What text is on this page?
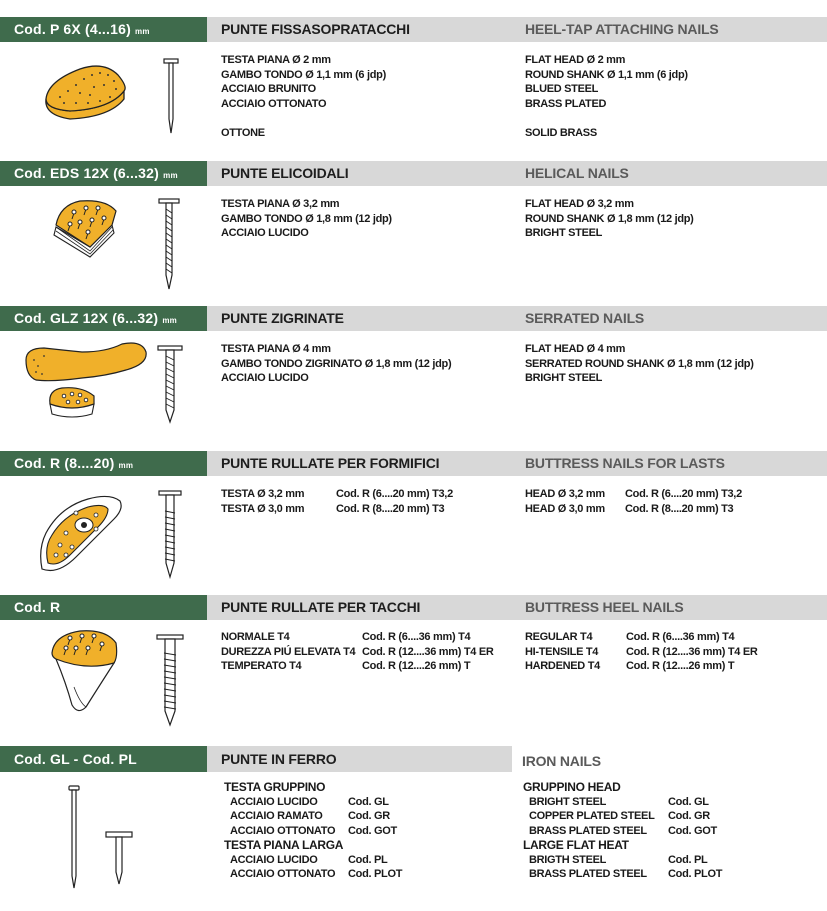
Cod. P 6X (4...16) mm	PUNTE FISSASOPRATACCHI	HEEL-TAP ATTACHING NAILS
TESTA PIANA Ø 2 mm
GAMBO TONDO Ø 1,1 mm (6 jdp)
ACCIAIO BRUNITO
ACCIAIO OTTONATO
OTTONE
FLAT HEAD Ø 2 mm
ROUND SHANK Ø 1,1 mm (6 jdp)
BLUED STEEL
BRASS PLATED
SOLID BRASS
Cod. EDS 12X (6...32) mm	PUNTE ELICOIDALI	HELICAL NAILS
TESTA PIANA Ø 3,2 mm
GAMBO TONDO Ø 1,8 mm (12 jdp)
ACCIAIO LUCIDO
FLAT HEAD Ø 3,2 mm
ROUND SHANK Ø 1,8 mm (12 jdp)
BRIGHT STEEL
Cod. GLZ 12X (6...32) mm	PUNTE ZIGRINATE	SERRATED NAILS
TESTA PIANA Ø 4 mm
GAMBO TONDO ZIGRINATO Ø 1,8 mm (12 jdp)
ACCIAIO LUCIDO
FLAT HEAD Ø 4 mm
SERRATED ROUND SHANK Ø 1,8 mm (12 jdp)
BRIGHT STEEL
Cod. R (8....20) mm	PUNTE RULLATE PER FORMIFICI	BUTTRESS NAILS FOR LASTS
TESTA Ø 3,2 mm	Cod. R (6....20 mm) T3,2
TESTA Ø 3,0 mm	Cod. R (8....20 mm) T3
HEAD Ø 3,2 mm Cod. R (6....20 mm) T3,2
HEAD Ø 3,0 mm Cod. R (8....20 mm) T3
Cod. R	PUNTE RULLATE PER TACCHI	BUTTRESS HEEL NAILS
NORMALE T4	Cod. R (6....36 mm) T4
DUREZZA PIÚ ELEVATA T4 Cod. R (12....36 mm) T4 ER
TEMPERATO T4	Cod. R (12....26 mm) T
REGULAR T4	Cod. R (6....36 mm) T4
HI-TENSILE T4	Cod. R (12....36 mm) T4 ER
HARDENED T4 Cod. R (12....26 mm) T
Cod. GL - Cod. PL	PUNTE IN FERRO	IRON NAILS
TESTA GRUPPINO
ACCIAIO LUCIDO	Cod. GL
ACCIAIO RAMATO Cod. GR
ACCIAIO OTTONATO Cod. GOT
TESTA PIANA LARGA
ACCIAIO LUCIDO	Cod. PL
ACCIAIO OTTONATO Cod. PLOT
GRUPPINO HEAD
BRIGHT STEEL	Cod. GL
COPPER PLATED STEEL Cod. GR
BRASS PLATED STEEL Cod. GOT
LARGE FLAT HEAT
BRIGTH STEEL	Cod. PL
BRASS PLATED STEEL Cod. PLOT
